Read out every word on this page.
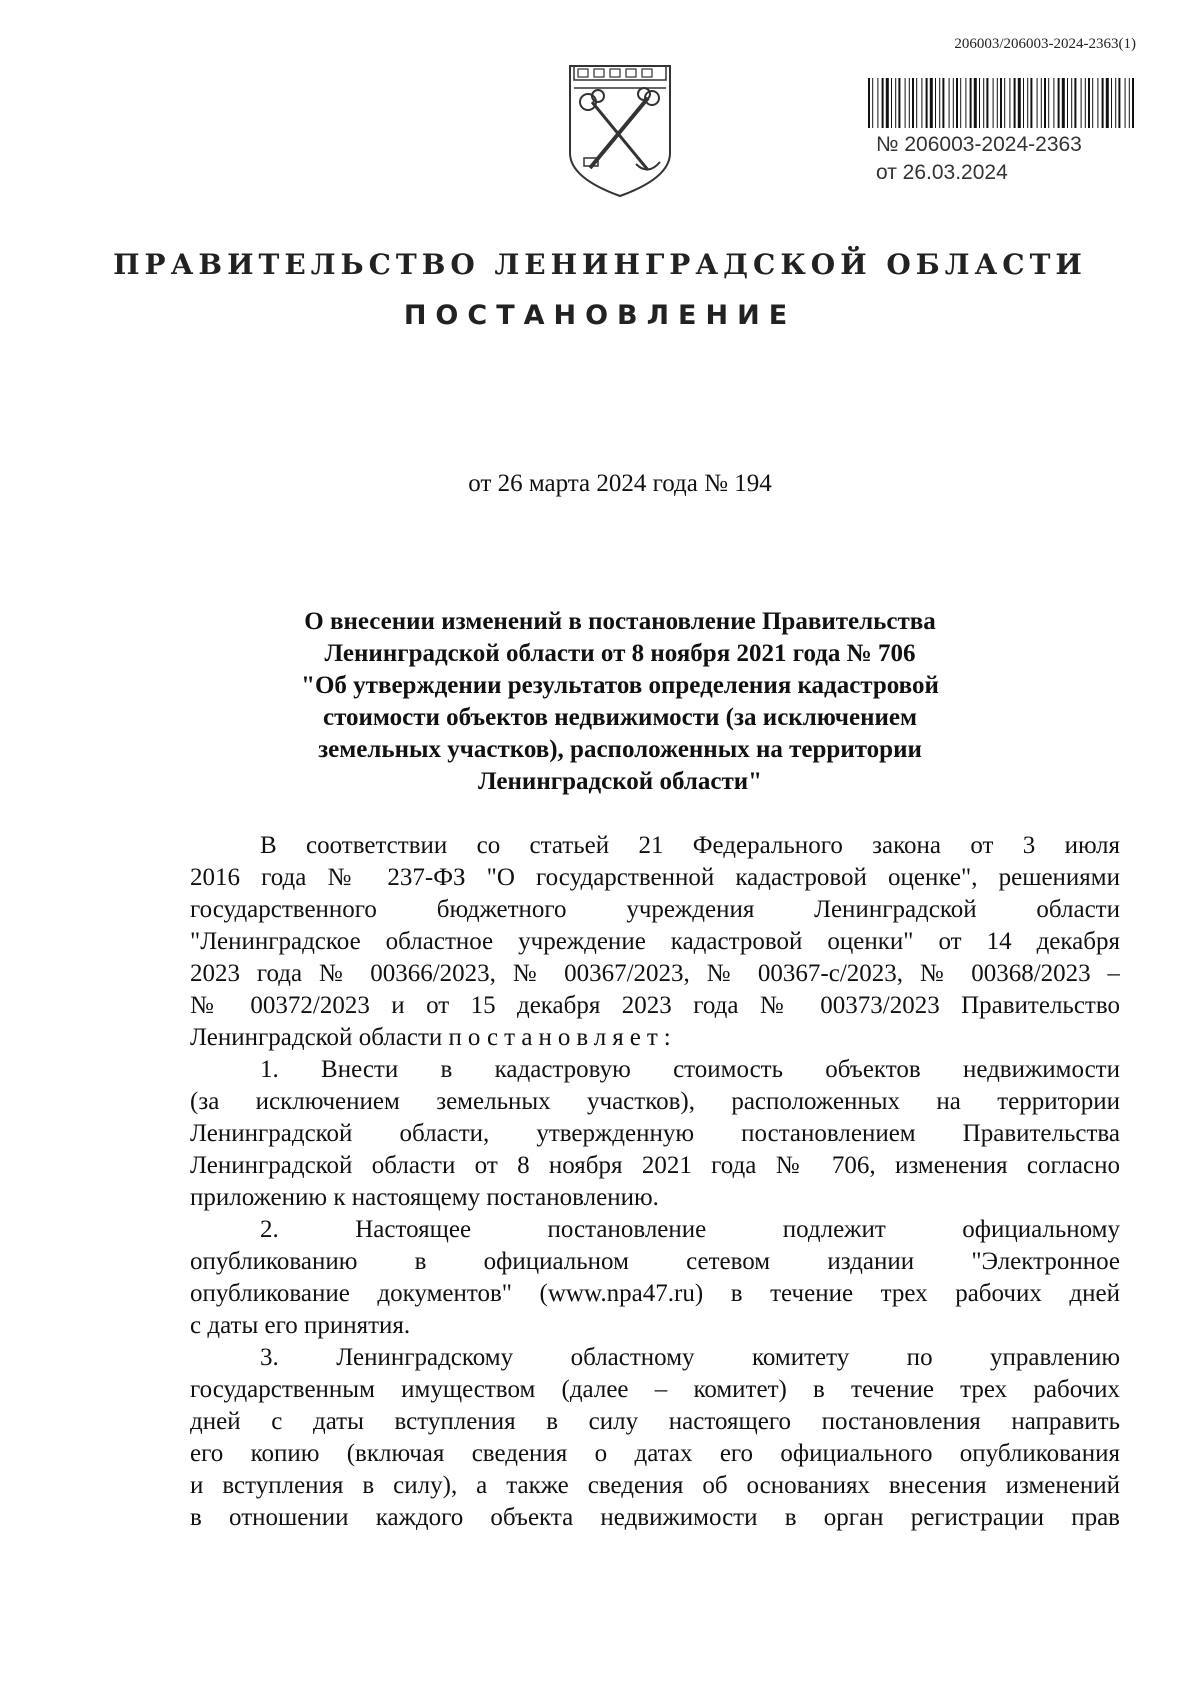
206003/206003-2024-2363(1)
№ 206003-2024-2363
от 26.03.2024
ПРАВИТЕЛЬСТВО ЛЕНИНГРАДСКОЙ ОБЛАСТИ
ПОСТАНОВЛЕНИЕ
от 26 марта 2024 года № 194
О внесении изменений в постановление Правительства
Ленинградской области от 8 ноября 2021 года № 706
"Об утверждении результатов определения кадастровой
стоимости объектов недвижимости (за исключением
земельных участков), расположенных на территории
Ленинградской области"
В соответствии со статьей 21 Федерального закона от 3 июля
2016 года № 237-ФЗ "О государственной кадастровой оценке", решениями
государственного бюджетного учреждения Ленинградской области
"Ленинградское областное учреждение кадастровой оценки" от 14 декабря
2023 года № 00366/2023, № 00367/2023, № 00367-с/2023, № 00368/2023 –
№ 00372/2023 и от 15 декабря 2023 года № 00373/2023 Правительство
Ленинградской области постановляет:
1. Внести в кадастровую стоимость объектов недвижимости
(за исключением земельных участков), расположенных на территории
Ленинградской области, утвержденную постановлением Правительства
Ленинградской области от 8 ноября 2021 года № 706, изменения согласно
приложению к настоящему постановлению.
2. Настоящее постановление подлежит официальному
опубликованию в официальном сетевом издании "Электронное
опубликование документов" (www.npa47.ru) в течение трех рабочих дней
с даты его принятия.
3. Ленинградскому областному комитету по управлению
государственным имуществом (далее – комитет) в течение трех рабочих
дней с даты вступления в силу настоящего постановления направить
его копию (включая сведения о датах его официального опубликования
и вступления в силу), а также сведения об основаниях внесения изменений
в отношении каждого объекта недвижимости в орган регистрации прав
